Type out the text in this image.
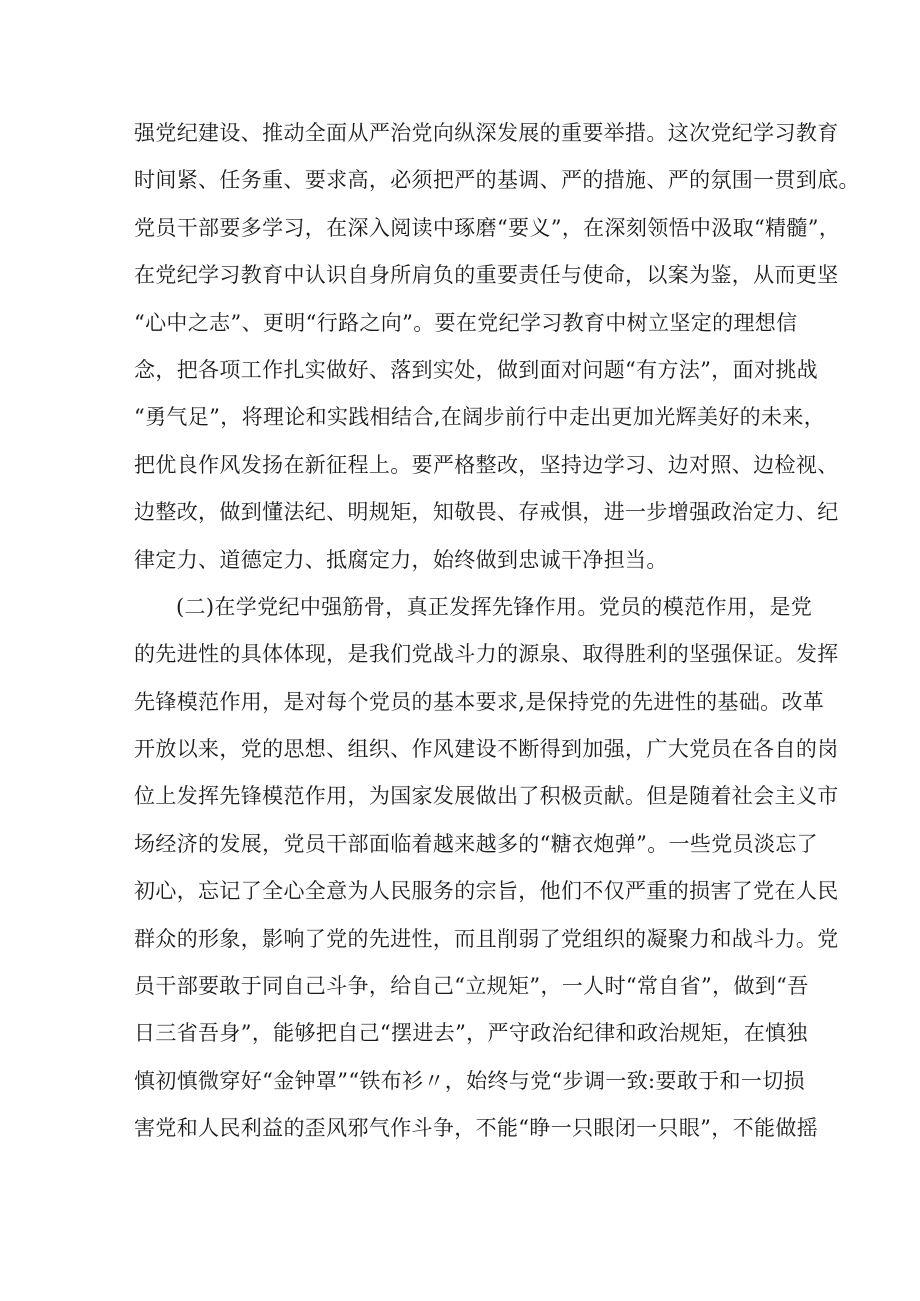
强党纪建设、推动全面从严治党向纵深发展的重要举措。这次党纪学习教育
时间紧、任务重、要求高，必须把严的基调、严的措施、严的氛围一贯到底。
党员干部要多学习，在深入阅读中琢磨“要义”，在深刻领悟中汲取“精髓”，
在党纪学习教育中认识自身所肩负的重要责任与使命，以案为鉴，从而更坚
“心中之志”、更明“行路之向”。要在党纪学习教育中树立坚定的理想信
念，把各项工作扎实做好、落到实处，做到面对问题“有方法”，面对挑战
“勇气足”，将理论和实践相结合,在阔步前行中走出更加光辉美好的未来，
把优良作风发扬在新征程上。要严格整改，坚持边学习、边对照、边检视、
边整改，做到懂法纪、明规矩，知敬畏、存戒惧，进一步增强政治定力、纪
律定力、道德定力、抵腐定力，始终做到忠诚干净担当。
(二)在学党纪中强筋骨，真正发挥先锋作用。党员的模范作用，是党
的先进性的具体体现，是我们党战斗力的源泉、取得胜利的坚强保证。发挥
先锋模范作用，是对每个党员的基本要求,是保持党的先进性的基础。改革
开放以来，党的思想、组织、作风建设不断得到加强，广大党员在各自的岗
位上发挥先锋模范作用，为国家发展做出了积极贡献。但是随着社会主义市
场经济的发展，党员干部面临着越来越多的“糖衣炮弹”。一些党员淡忘了
初心，忘记了全心全意为人民服务的宗旨，他们不仅严重的损害了党在人民
群众的形象，影响了党的先进性，而且削弱了党组织的凝聚力和战斗力。党
员干部要敢于同自己斗争，给自己“立规矩”，一人时“常自省”，做到“吾
日三省吾身”，能够把自己“摆进去”，严守政治纪律和政治规矩，在慎独
慎初慎微穿好“金钟罩”“铁布衫〃，始终与党“步调一致:要敢于和一切损
害党和人民利益的歪风邪气作斗争，不能“睁一只眼闭一只眼”，不能做摇
